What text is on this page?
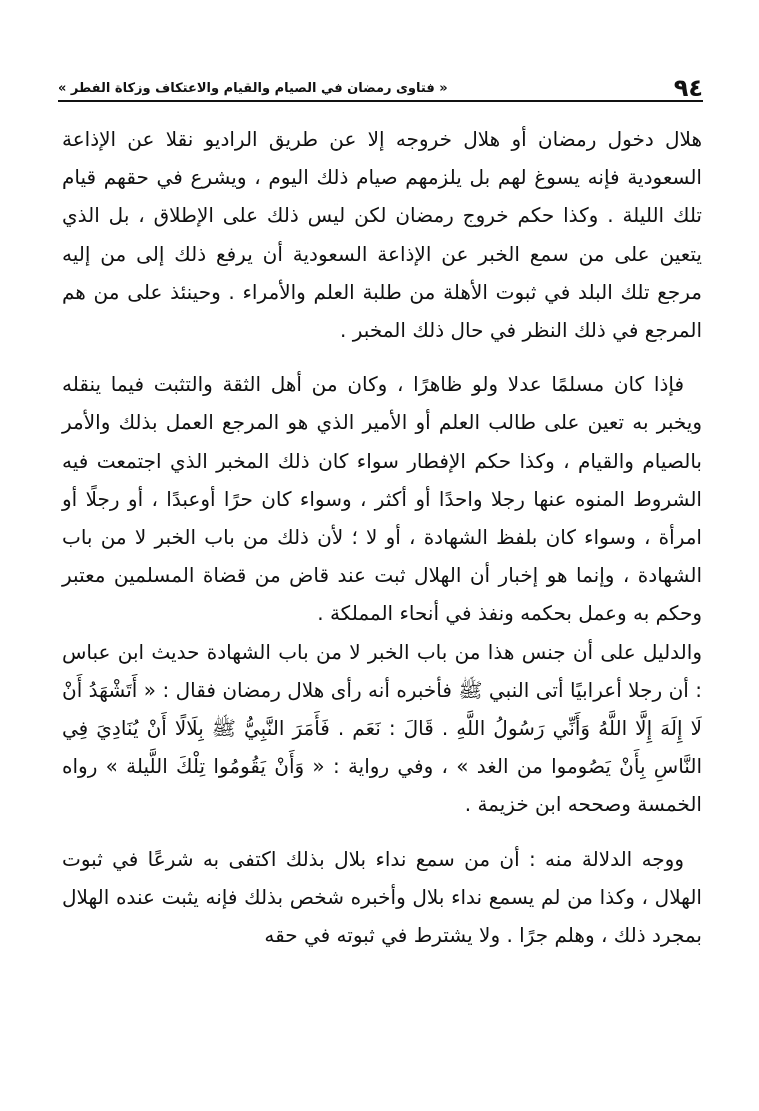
٩٤
« فتاوى رمضان في الصيام والقيام والاعتكاف وزكاة الفطر »

هلال دخول رمضان أو هلال خروجه إلا عن طريق الراديو نقلا عن الإذاعة السعودية فإنه يسوغ لهم بل يلزمهم صيام ذلك اليوم ، ويشرع في حقهم قيام تلك الليلة . وكذا حكم خروج رمضان لكن ليس ذلك على الإطلاق ، بل الذي يتعين على من سمع الخبر عن الإذاعة السعودية أن يرفع ذلك إلى من إليه مرجع تلك البلد في ثبوت الأهلة من طلبة العلم والأمراء . وحينئذ على من هم المرجع في ذلك النظر في حال ذلك المخبر .

فإذا كان مسلمًا عدلا ولو ظاهرًا ، وكان من أهل الثقة والتثبت فيما ينقله ويخبر به تعين على طالب العلم أو الأمير الذي هو المرجع العمل بذلك والأمر بالصيام والقيام ، وكذا حكم الإفطار سواء كان ذلك المخبر الذي اجتمعت فيه الشروط المنوه عنها رجلا واحدًا أو أكثر ، وسواء كان حرًا أوعبدًا ، أو رجلًا أو امرأة ، وسواء كان بلفظ الشهادة ، أو لا ؛ لأن ذلك من باب الخبر لا من باب الشهادة ، وإنما هو إخبار أن الهلال ثبت عند قاض من قضاة المسلمين معتبر وحكم به وعمل بحكمه ونفذ في أنحاء المملكة .

والدليل على أن جنس هذا من باب الخبر لا من باب الشهادة حديث ابن عباس : أن رجلا أعرابيًا أتى النبي ﷺ فأخبره أنه رأى هلال رمضان فقال : « أَتَشْهَدُ أَنْ لَا إِلَهَ إِلَّا اللَّهُ وَأَنِّي رَسُولُ اللَّهِ . قَالَ : نَعَم . فَأَمَرَ النَّبِيُّ ﷺ بِلَالًا أَنْ يُنَادِيَ فِي النَّاسِ بِأَنْ يَصُوموا من الغد » ، وفي رواية : « وَأَنْ يَقُومُوا تِلْكَ اللَّيلة » رواه الخمسة وصححه ابن خزيمة .

ووجه الدلالة منه : أن من سمع نداء بلال بذلك اكتفى به شرعًا في ثبوت الهلال ، وكذا من لم يسمع نداء بلال وأخبره شخص بذلك فإنه يثبت عنده الهلال بمجرد ذلك ، وهلم جرًا . ولا يشترط في ثبوته في حقه
